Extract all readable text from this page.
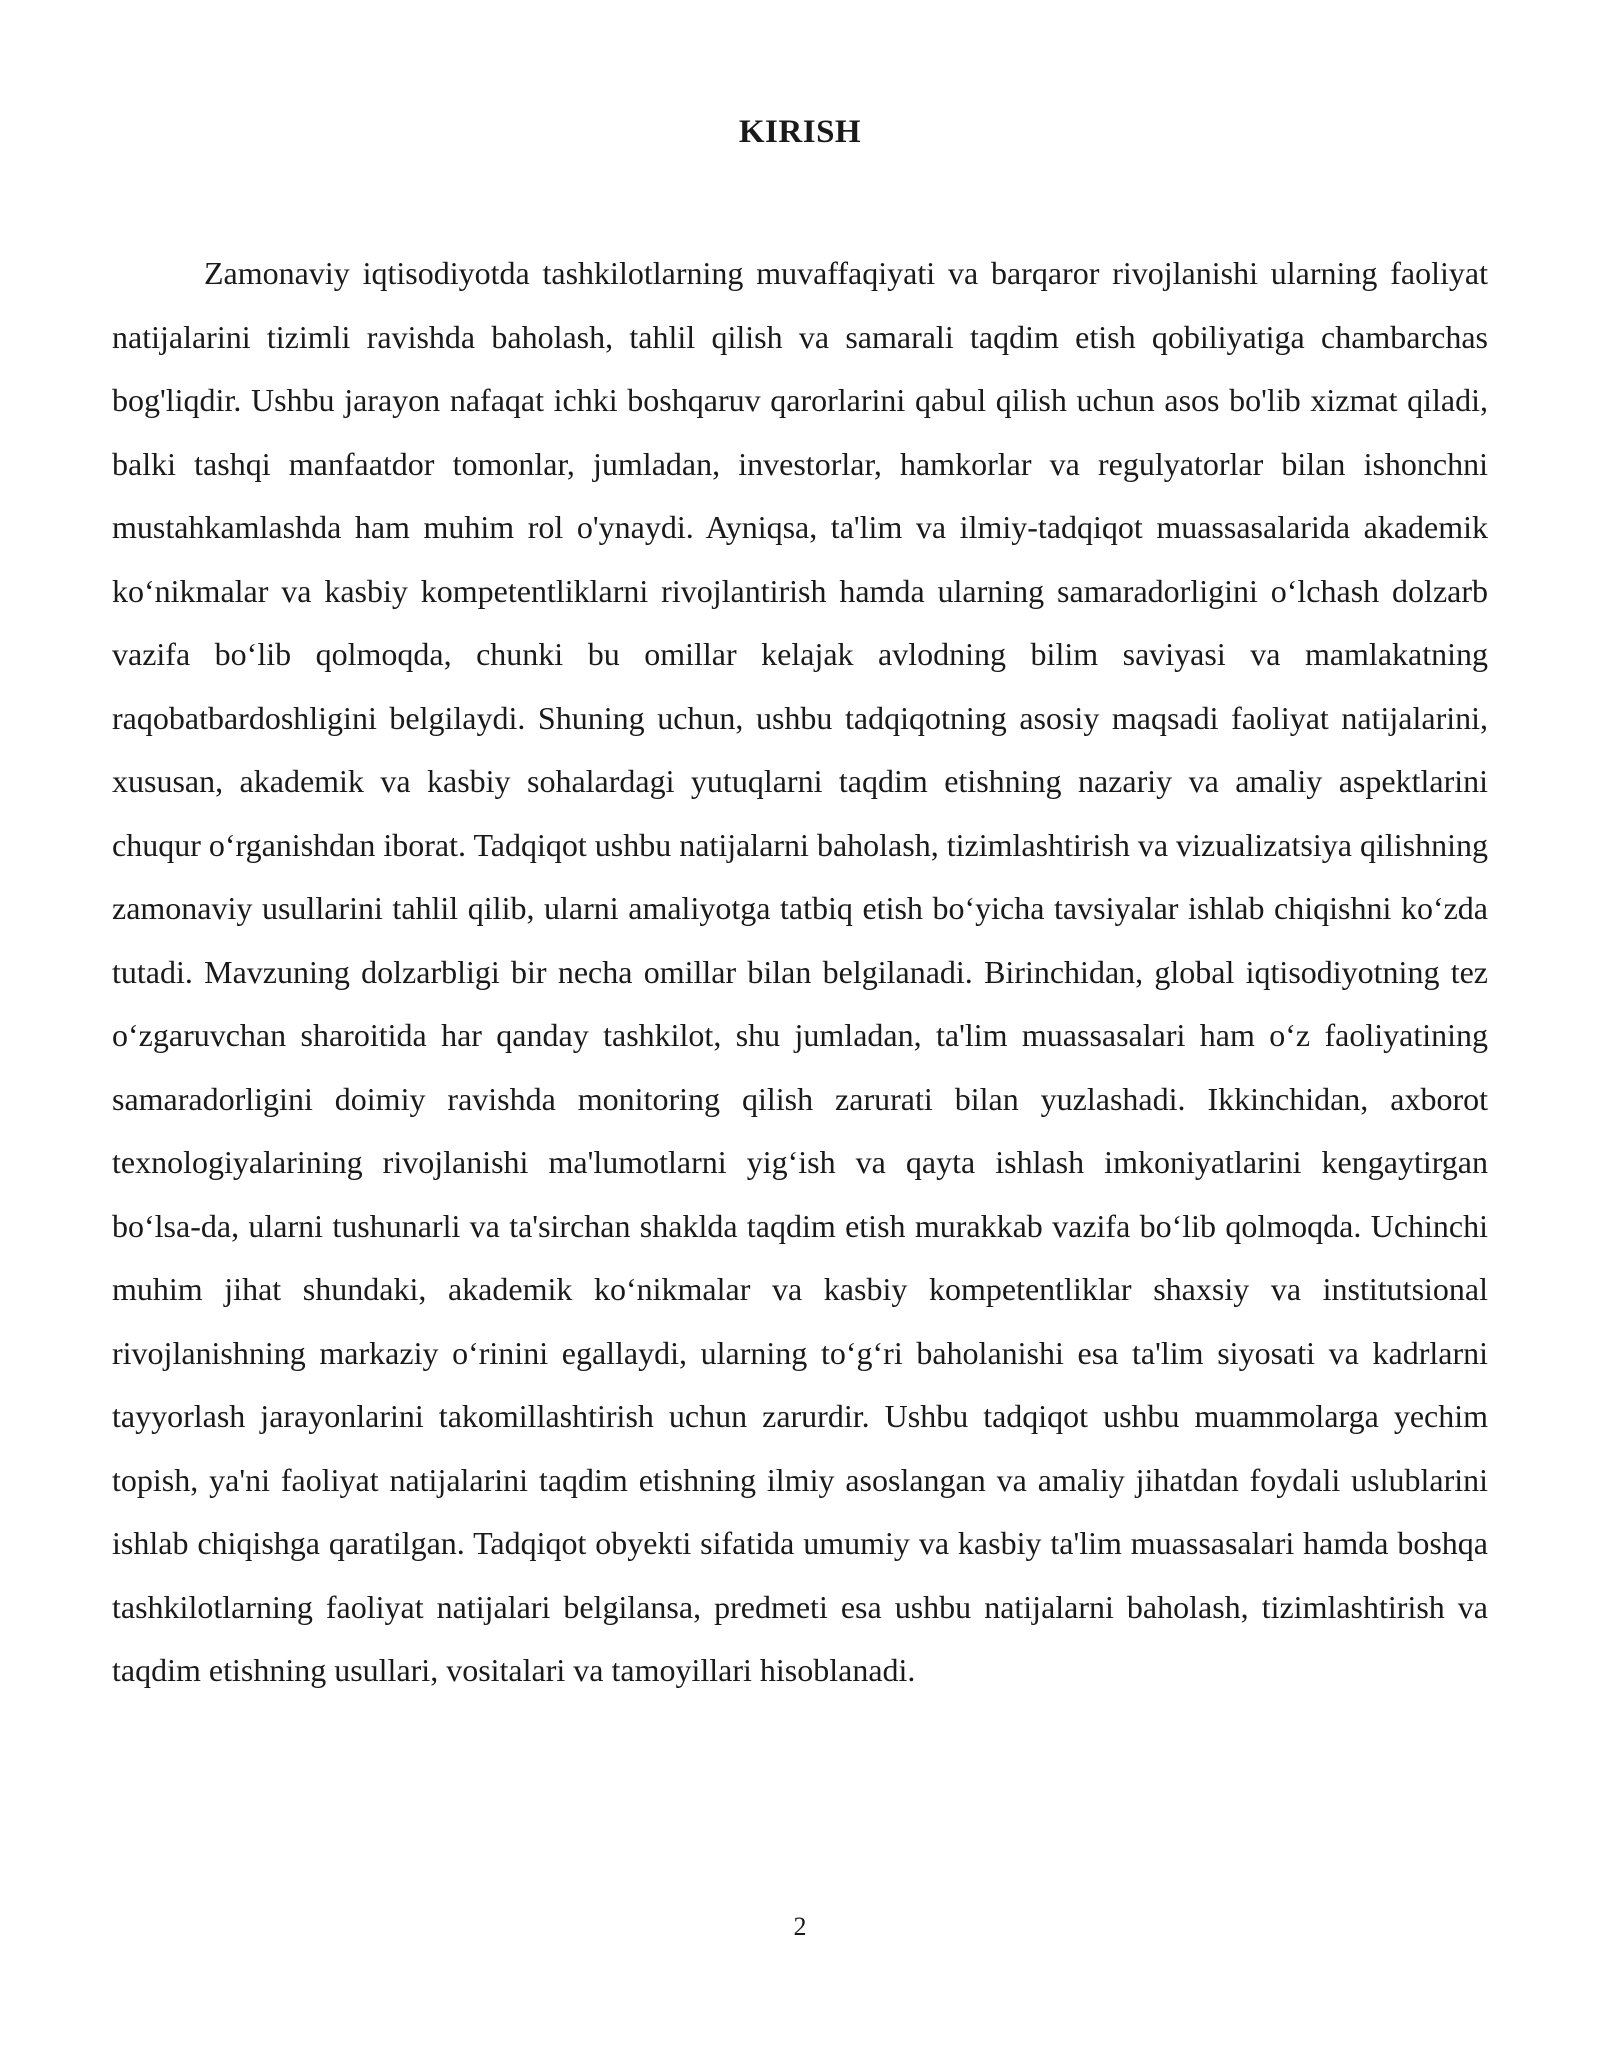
KIRISH

Zamonaviy iqtisodiyotda tashkilotlarning muvaffaqiyati va barqaror rivojlanishi ularning faoliyat natijalarini tizimli ravishda baholash, tahlil qilish va samarali taqdim etish qobiliyatiga chambarchas bog'liqdir. Ushbu jarayon nafaqat ichki boshqaruv qarorlarini qabul qilish uchun asos bo'lib xizmat qiladi, balki tashqi manfaatdor tomonlar, jumladan, investorlar, hamkorlar va regulyatorlar bilan ishonchni mustahkamlashda ham muhim rol o'ynaydi. Ayniqsa, ta'lim va ilmiy-tadqiqot muassasalarida akademik ko‘nikmalar va kasbiy kompetentliklarni rivojlantirish hamda ularning samaradorligini o‘lchash dolzarb vazifa bo‘lib qolmoqda, chunki bu omillar kelajak avlodning bilim saviyasi va mamlakatning raqobatbardoshligini belgilaydi. Shuning uchun, ushbu tadqiqotning asosiy maqsadi faoliyat natijalarini, xususan, akademik va kasbiy sohalardagi yutuqlarni taqdim etishning nazariy va amaliy aspektlarini chuqur o‘rganishdan iborat. Tadqiqot ushbu natijalarni baholash, tizimlashtirish va vizualizatsiya qilishning zamonaviy usullarini tahlil qilib, ularni amaliyotga tatbiq etish bo‘yicha tavsiyalar ishlab chiqishni ko‘zda tutadi. Mavzuning dolzarbligi bir necha omillar bilan belgilanadi. Birinchidan, global iqtisodiyotning tez o‘zgaruvchan sharoitida har qanday tashkilot, shu jumladan, ta'lim muassasalari ham o‘z faoliyatining samaradorligini doimiy ravishda monitoring qilish zarurati bilan yuzlashadi. Ikkinchidan, axborot texnologiyalarining rivojlanishi ma'lumotlarni yig‘ish va qayta ishlash imkoniyatlarini kengaytirgan bo‘lsa-da, ularni tushunarli va ta'sirchan shaklda taqdim etish murakkab vazifa bo‘lib qolmoqda. Uchinchi muhim jihat shundaki, akademik ko‘nikmalar va kasbiy kompetentliklar shaxsiy va institutsional rivojlanishning markaziy o‘rinini egallaydi, ularning to‘g‘ri baholanishi esa ta'lim siyosati va kadrlarni tayyorlash jarayonlarini takomillashtirish uchun zarurdir. Ushbu tadqiqot ushbu muammolarga yechim topish, ya'ni faoliyat natijalarini taqdim etishning ilmiy asoslangan va amaliy jihatdan foydali uslublarini ishlab chiqishga qaratilgan. Tadqiqot obyekti sifatida umumiy va kasbiy ta'lim muassasalari hamda boshqa tashkilotlarning faoliyat natijalari belgilansa, predmeti esa ushbu natijalarni baholash, tizimlashtirish va taqdim etishning usullari, vositalari va tamoyillari hisoblanadi.

2
